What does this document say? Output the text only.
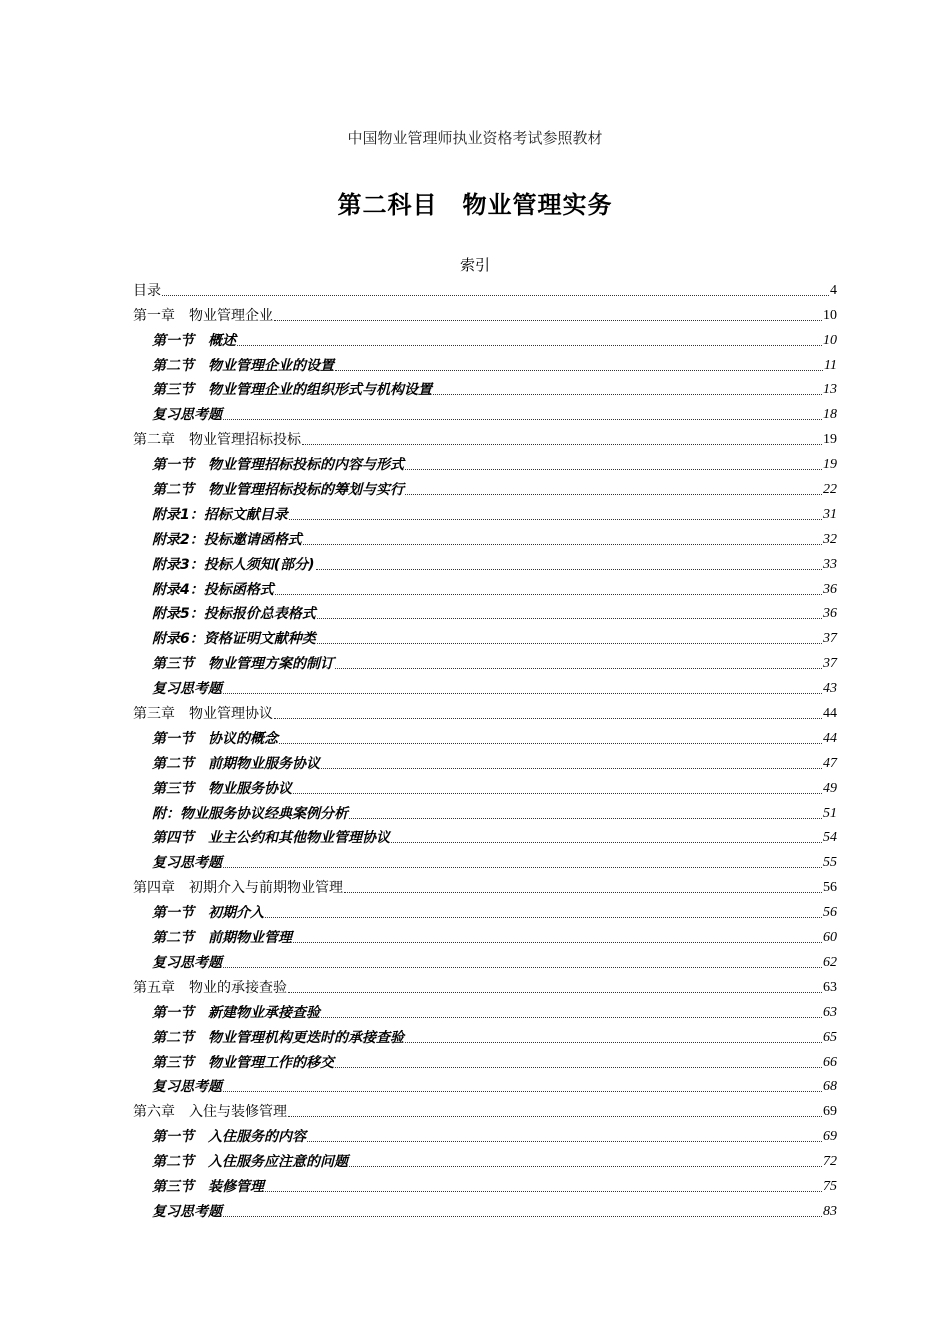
中国物业管理师执业资格考试参照教材
第二科目　物业管理实务
索引
目录	4
第一章　物业管理企业	10
第一节　概述	10
第二节　物业管理企业的设置	11
第三节　物业管理企业的组织形式与机构设置	13
复习思考题	18
第二章　物业管理招标投标	19
第一节　物业管理招标投标的内容与形式	19
第二节　物业管理招标投标的筹划与实行	22
附录1：招标文献目录	31
附录2：投标邀请函格式	32
附录3：投标人须知(部分)	33
附录4：投标函格式	36
附录5：投标报价总表格式	36
附录6：资格证明文献种类	37
第三节　物业管理方案的制订	37
复习思考题	43
第三章　物业管理协议	44
第一节　协议的概念	44
第二节　前期物业服务协议	47
第三节　物业服务协议	49
附：物业服务协议经典案例分析	51
第四节　业主公约和其他物业管理协议	54
复习思考题	55
第四章　初期介入与前期物业管理	56
第一节　初期介入	56
第二节　前期物业管理	60
复习思考题	62
第五章　物业的承接查验	63
第一节　新建物业承接查验	63
第二节　物业管理机构更迭时的承接查验	65
第三节　物业管理工作的移交	66
复习思考题	68
第六章　入住与装修管理	69
第一节　入住服务的内容	69
第二节　入住服务应注意的问题	72
第三节　装修管理	75
复习思考题	83
